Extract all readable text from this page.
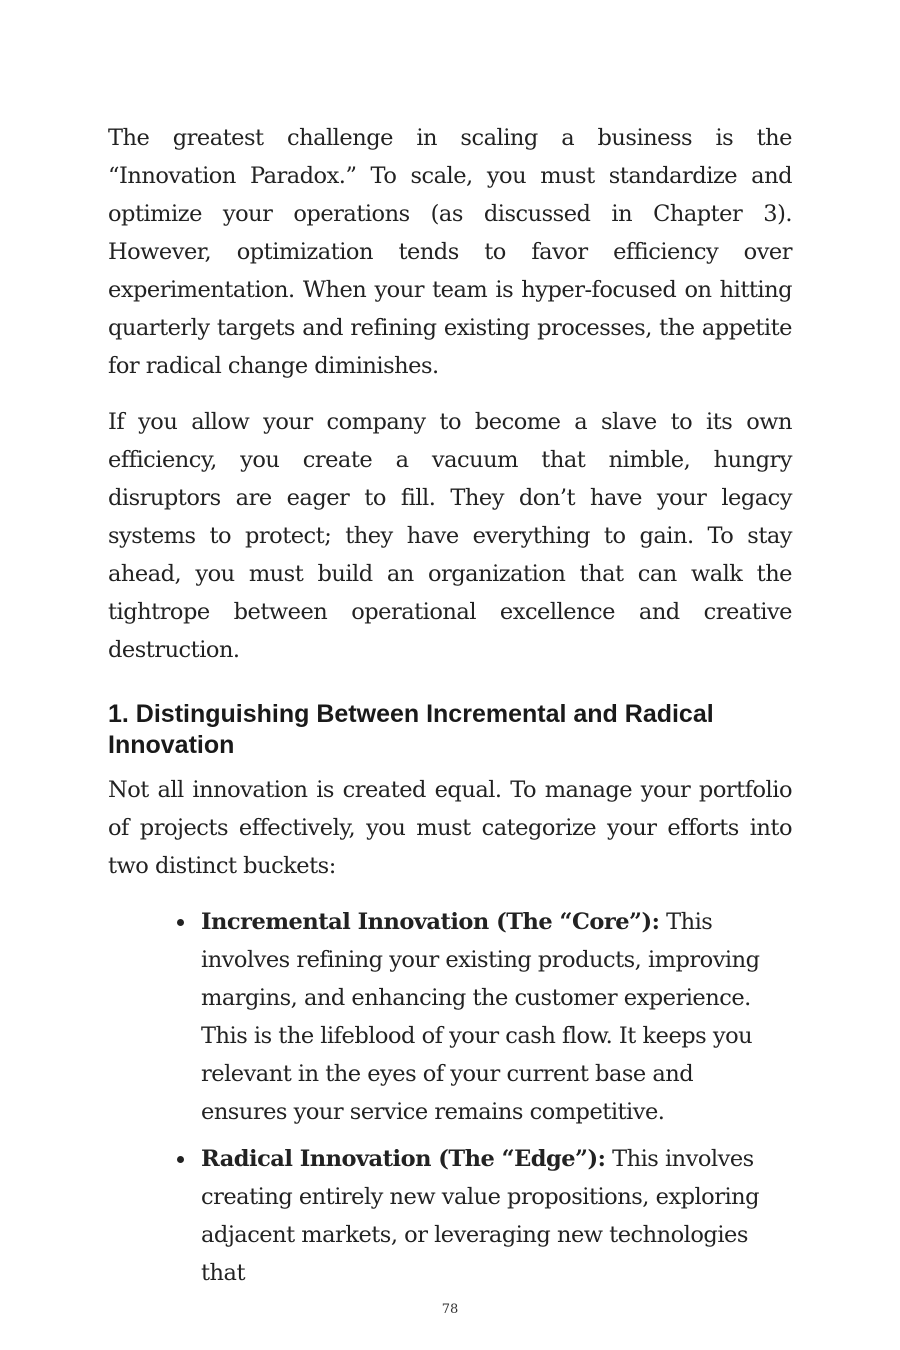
The greatest challenge in scaling a business is the “Innovation Paradox.” To scale, you must standardize and optimize your operations (as discussed in Chapter 3). However, optimization tends to favor efficiency over experimentation. When your team is hyper-focused on hitting quarterly targets and refining existing processes, the appetite for radical change diminishes.

If you allow your company to become a slave to its own efficiency, you create a vacuum that nimble, hungry disruptors are eager to fill. They don’t have your legacy systems to protect; they have everything to gain. To stay ahead, you must build an organization that can walk the tightrope between operational excellence and creative destruction.

1. Distinguishing Between Incremental and Radical Innovation

Not all innovation is created equal. To manage your portfolio of projects effectively, you must categorize your efforts into two distinct buckets:

Incremental Innovation (The “Core”): This involves refining your existing products, improving margins, and enhancing the customer experience. This is the lifeblood of your cash flow. It keeps you relevant in the eyes of your current base and ensures your service remains competitive.
Radical Innovation (The “Edge”): This involves creating entirely new value propositions, exploring adjacent markets, or leveraging new technologies that
78
